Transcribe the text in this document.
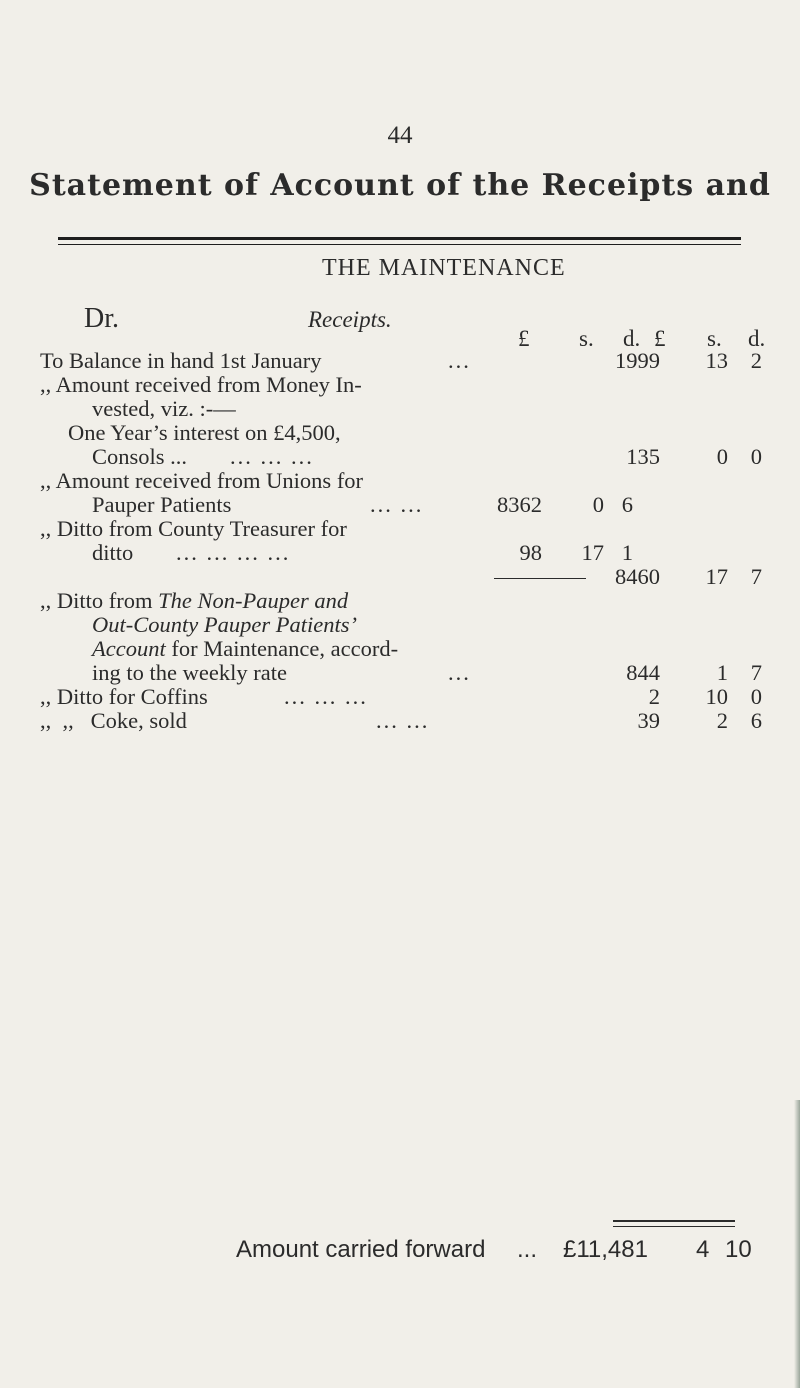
44
Statement of Account of the Receipts and
THE MAINTENANCE
Dr.	Receipts.
£ s. d. £ s. d.
To Balance in hand 1st January	...	1999	13	2
,, Amount received from Money In-
vested, viz. :-—
One Year’s interest on £4,500,
Consols ... ... ... ...	135	0	0
,, Amount received from Unions for
Pauper Patients	... ...	8362	0 6
,, Ditto from County Treasurer for
ditto ... ... ... ...	98	17 1
8460	17	7
,, Ditto from The Non-Pauper and
Out-County Pauper Patients’
Account for Maintenance, accord-
ing to the weekly rate	...	844	1	7
,, Ditto for Coffins	... ... ...	2	10	0
,,  ,,   Coke, sold	... ...	39	2	6
Amount carried forward ... £11,481 4 10
